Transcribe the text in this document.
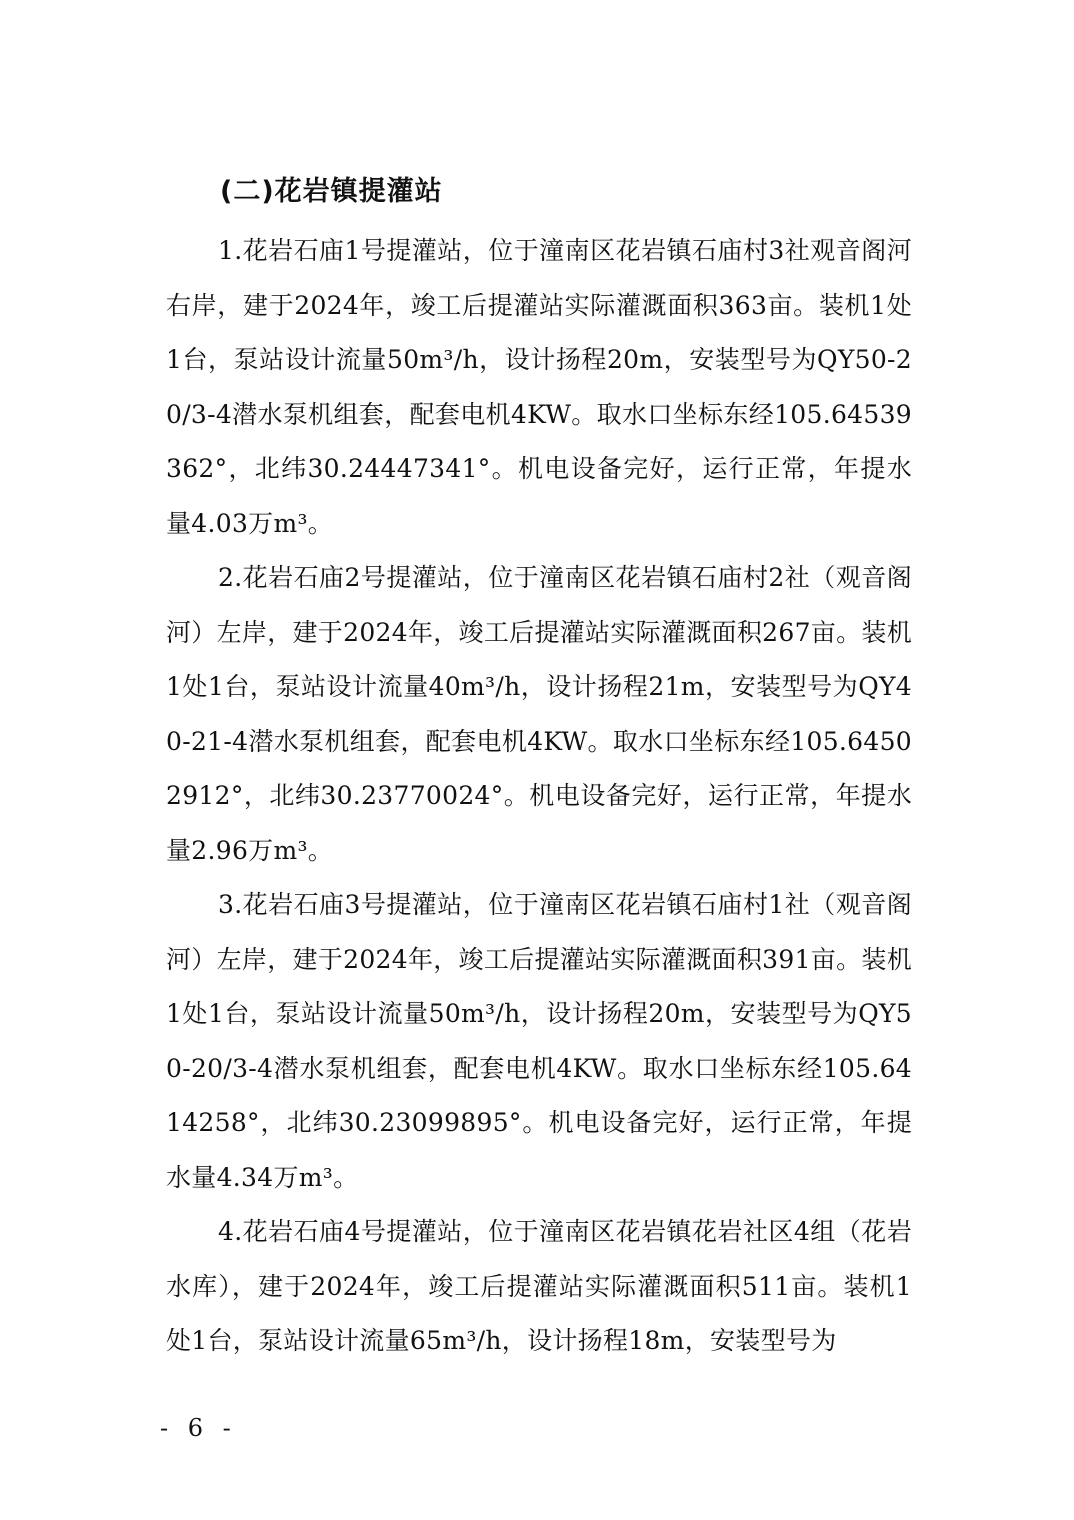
(二)花岩镇提灌站

1.花岩石庙1号提灌站，位于潼南区花岩镇石庙村3社观音阁河右岸，建于2024年，竣工后提灌站实际灌溉面积363亩。装机1处1台，泵站设计流量50m³/h，设计扬程20m，安装型号为QY50-20/3-4潜水泵机组套，配套电机4KW。取水口坐标东经105.64539362°，北纬30.24447341°。机电设备完好，运行正常，年提水量4.03万m³。

2.花岩石庙2号提灌站，位于潼南区花岩镇石庙村2社（观音阁河）左岸，建于2024年，竣工后提灌站实际灌溉面积267亩。装机1处1台，泵站设计流量40m³/h，设计扬程21m，安装型号为QY40-21-4潜水泵机组套，配套电机4KW。取水口坐标东经105.64502912°，北纬30.23770024°。机电设备完好，运行正常，年提水量2.96万m³。

3.花岩石庙3号提灌站，位于潼南区花岩镇石庙村1社（观音阁河）左岸，建于2024年，竣工后提灌站实际灌溉面积391亩。装机1处1台，泵站设计流量50m³/h，设计扬程20m，安装型号为QY50-20/3-4潜水泵机组套，配套电机4KW。取水口坐标东经105.6414258°，北纬30.23099895°。机电设备完好，运行正常，年提水量4.34万m³。

4.花岩石庙4号提灌站，位于潼南区花岩镇花岩社区4组（花岩水库），建于2024年，竣工后提灌站实际灌溉面积511亩。装机1处1台，泵站设计流量65m³/h，设计扬程18m，安装型号为

- 6 -
